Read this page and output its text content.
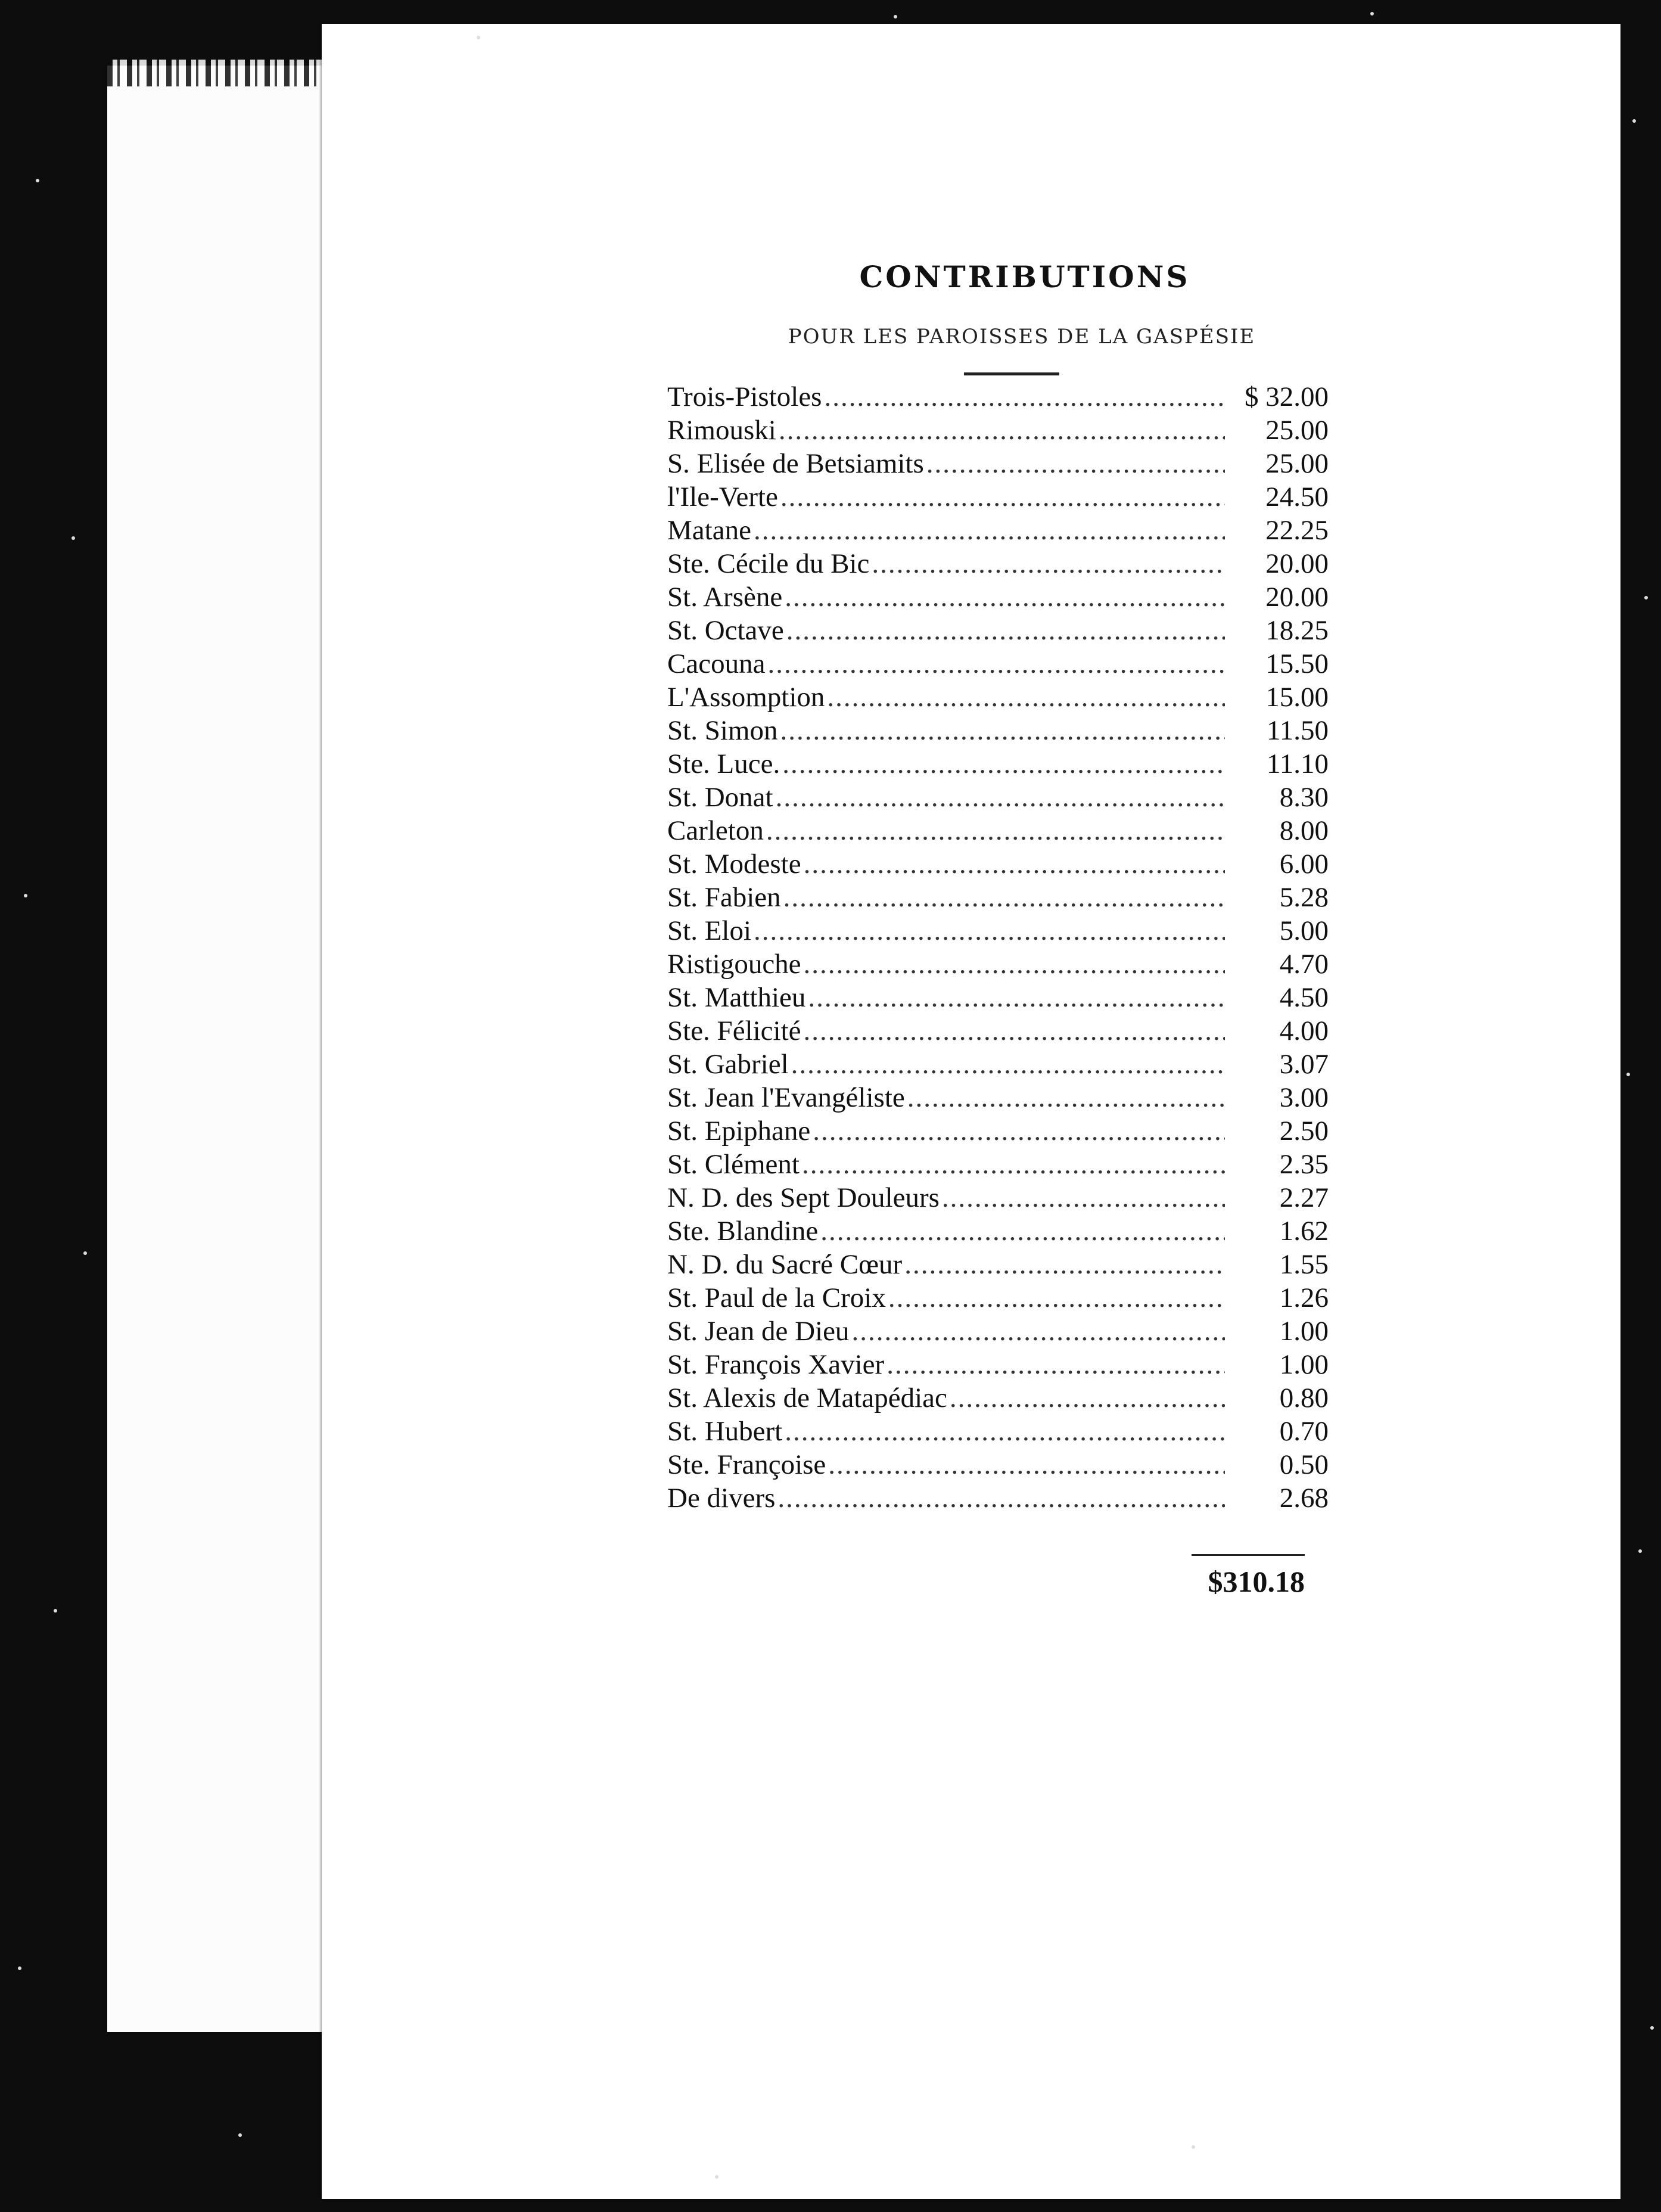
CONTRIBUTIONS
POUR LES PAROISSES DE LA GASPÉSIE
Trois-Pistoles .....	$ 32.00
Rimouski .....	25.00
S. Elisée de Betsiamits .....	25.00
l'Ile-Verte .....	24.50
Matane .....	22.25
Ste. Cécile du Bic .....	20.00
St. Arsène .....	20.00
St. Octave .....	18.25
Cacouna .....	15.50
L'Assomption .....	15.00
St. Simon .....	11.50
Ste. Luce. .....	11.10
St. Donat .....	8.30
Carleton .....	8.00
St. Modeste .....	6.00
St. Fabien .....	5.28
St. Eloi .....	5.00
Ristigouche .....	4.70
St. Matthieu .....	4.50
Ste. Félicité .....	4.00
St. Gabriel .....	3.07
St. Jean l'Evangéliste .....	3.00
St. Epiphane .....	2.50
St. Clément .....	2.35
N. D. des Sept Douleurs .....	2.27
Ste. Blandine .....	1.62
N. D. du Sacré Cœur .....	1.55
St. Paul de la Croix .....	1.26
St. Jean de Dieu .....	1.00
St. François Xavier .....	1.00
St. Alexis de Matapédiac .....	0.80
St. Hubert .....	0.70
Ste. Françoise .....	0.50
De divers .....	2.68
$310.18
